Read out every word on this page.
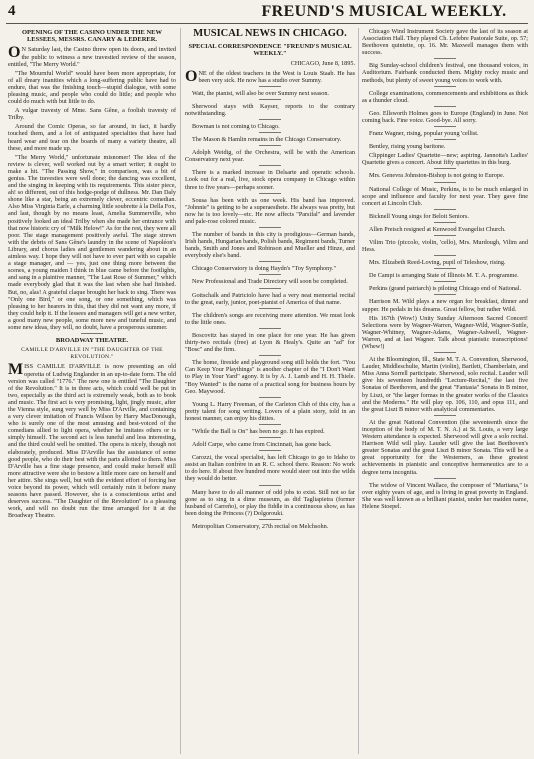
4	FREUND'S MUSICAL WEEKLY.
OPENING OF THE CASINO UNDER THE NEW LESSEES, MESSRS. CANARY & LEDERER.

ON Saturday last, the Casino threw open its doors, and invited the public to witness a new travestied review of the season, entitled, "The Merry World."

"The Mournful World" would have been more appropriate, for of all dreary inanities which a long-suffering public have had to endure, that was the finishing touch—stupid dialogue, with some pleasing music, and people who could do little; and people who could do much with but little to do.

A vulgar travesty of Mme. Sans Gêne, a foolish travesty of Trilby.

Around the Comic Operas, so far around, in fact, it hardly touched them, and a lot of antiquated specialties that have had heard wear and tear on the boards of many a variety theatre, all these, and more made up.

"The Merry World," unfortunate misnomer! The idea of the review is clever, well worked out by a smart writer; it ought to make a hit. "The Passing Show," in comparison, was a bit of genius. The travesties were well done; the dancing was excellent, and the singing in keeping with its requirements. This sister piece, ah! so different, out of this hodge-podge of dullness. Mr. Dan Daly shone like a star, being an extremely clever, eccentric comedian. Also Miss Virginia Earle, a charming little soubrette à la Della Fox, and last, though by no means least, Amelia Summerville, who positively looked an ideal Trilby when she made her entrance with that now historic cry of "Milk Helow!" As for the rest, they were all poor. The stage management positively awful. The stage strewn with the debris of Sans Gêne's laundry in the scene of Napoléon's Library, and chorus ladies and gentlemen wandering about in an aimless way. I hope they will not have to ever part with so capable a stage manager, and — yes, just one thing more between the scenes, a young maiden I think in blue came before the footlights, and sang in a plaintive manner, "The Last Rose of Summer," which made everybody glad that it was the last when she had finished. But, no, alas! A grateful claque brought her back to sing. There was "Only one Bird," or one song, or one something, which was pleasing to her hearers in this, that they did not want any more, if they could help it. If the lessees and managers will get a new writer, a good many new people, some more new and tuneful music, and some new ideas, they will, no doubt, have a prosperous summer.

BROADWAY THEATRE.
CAMILLE D'ARVILLE IN "THE DAUGHTER OF THE REVOLUTION."

MISS CAMILLE D'ARVILLE is now presenting an old operetta of Ludwig Englander in an up-to-date form. The old version was called "1776." The new one is entitled "The Daughter of the Revolution." It is in three acts, which could well be put in two, especially as the third act is extremely weak, both as to book and music. The first act is very promising, light, jingly music, after the Vienna style, sung very well by Miss D'Arville, and containing a very clever imitation of Francis Wilson by Harry MacDonough, who is surely one of the most amusing and best-voiced of the comedians allied to light opera, whether he imitates others or is simply himself. The second act is less tuneful and less interesting, and the third could well be omitted. The opera is nicely, though not elaborately, produced. Miss D'Arville has the assistance of some good people, who do their best with the parts allotted to them. Miss D'Arville has a fine stage presence, and could make herself still more attractive were she to bestow a little more care on herself and her attire. She sings well, but with the evident effort of forcing her voice beyond its power, which will certainly ruin it before many seasons have passed. However, she is a conscientious artist and deserves success. "The Daughter of the Revolution" is a pleasing work, and will no doubt run the time arranged for it at the Broadway Theatre.

MUSICAL NEWS IN CHICAGO.
SPECIAL CORRESPONDENCE "FREUND'S MUSICAL WEEKLY."

CHICAGO, June 8, 1895.

ONE of the oldest teachers in the West is Louis Staab. He has been very sick. He now has a studio over Summy.

Watt, the pianist, will also be over Summy next season.

Sherwood stays with Kayser, reports to the contrary notwithstanding.

Bowman is not coming to Chicago.

The Mason & Hamlin remains in the Chicago Conservatory.

Adolph Weidig, of the Orchestra, will be with the American Conservatory next year.

There is a marked increase in Delsarte and operatic schools. Look out for a real, live, stock opera company in Chicago within three to five years—perhaps sooner.

Sousa has been with us one week. His band has improved. "Johnnie" is getting to be a superaesthete. He always was pretty, but now he is too lovely—etc. He now affects "Parsifal" and lavender and pale-rose colored music.

The number of bands in this city is prodigious—German bands, Irish hands, Hungarian bands, Polish bands, Regiment bands, Turner bands, Smith and Jones and Robinson and Mueller and Hinze, and everybody else's band.

Chicago Conservatory is doing Haydn's "Toy Symphony."

New Professional and Trade Directory will soon be completed.

Gottschalk and Patriciolo have had a very neat memorial recital to the great, early, junior, poet-pianist of America of that name.

The children's songs are receiving more attention. We must look to the little ones.

Boscovitz has stayed in one place for one year. He has given thirty-two recitals (free) at Lyon & Healy's. Quite an "ad" for "Bosc" and the firm.

The home, fireside and playground song still holds the fort. "You Can Keep Your Playthings" is another chapter of the "I Don't Want to Play in Your Yard" agony. It is by A. J. Lamb and H. H. Thiele. "Boy Wanted" is the name of a practical song for business hours by Geo. Maywood.

Young L. Harry Freeman, of the Carleton Club of this city, has a pretty talent for song writing. Lovers of a plain story, told in an honest manner, can enjoy his ditties.

"While the Ball is On" has been no go. It has expired.

Adolf Carpe, who came from Cincinnati, has gone back.

Carozzi, the vocal specialist, has left Chicago to go to Idaho to assist an Italian confrère in an R. C. school there. Reason: No work to do here. If about five hundred more would steer out into the wilds they would do better.

Many have to do all manner of odd jobs to exist. Still not so far gone as to sing in a dime museum, as did Tagliapietra (former husband of Carreño), or play the fiddle in a continuous show, as has been doing the Princess (?) Dolgorouki.

Metropolitan Conservatory, 27th recital on Melchsohn.

Chicago Wind Instrument Society gave the last of its season at Association Hall. They played Ch. Lefebre Pastorale Suite, op. 57; Beethoven quintette, op. 16. Mr. Maxwell manages them with success.

Big Sunday-school children's festival, one thousand voices, in Auditorium. Fairbank conducted them. Mighty rocky music and methods, but plenty of sweet young voices to work with.

College examinations, commencements and exhibitions as thick as a thunder cloud.

Geo. Ellsworth Holmes goes to Europe (England) in June. Not coming back. Fine voice. Good-bye. All sorry.

Franz Wagner, rising, popular young 'cellist.

Bentley, rising young baritone.

Clippinger Ladies' Quartette—new; aspiring. Jannotta's Ladies' Quartette gives a concert. About fifty quartettes in this burg.

Mrs. Genevra Johnston-Bishop is not going to Europe.

National College of Music, Perkins, is to be much enlarged in scope and influence and faculty for next year. They gave fine concert at Lincoln Club.

Bicknell Young sings for Beloit Seniors.

Allen Preisch resigned at Kenwood Evangelist Church.

Vilim Trio (piccolo, violin, 'cello), Mrs. Murdough, Vilim and Hess.

Mrs. Elizabeth Reed-Loving, pupil of Teleshow, rising.

De Campi is arranging State of Illinois M. T. A. programme.

Perkins (grand patriarch) is piloting Chicago end of National.

Harrison M. Wild plays a new organ for breakfast, dinner and supper. He pedals in his dreams. Great fellow, but rather Wild.

His 167th (Wow!) Unity Sunday Afternoon Sacred Concert! Selections were by Wagner-Warren, Wagner-Wild, Wagner-Suttle, Wagner-Whitney, Wagner-Adams, Wagner-Ashwell, Wagner-Warren, and at last Wagner. Talk about pianistic transcriptions! (Whew!)

At the Bloomington, Ill., State M. T. A. Convention, Sherwood, Lauder, Middleschulte, Martin (violin), Bartlett, Chamberlain, and Miss Anna Sorrell participate. Sherwood, solo recital. Lauder will give his seventeen hundredth "Lecture-Recital," the last five Sonatas of Beethoven, and the great "Fantasia" Sonata in B minor, by Liszt, or "the larger formas in the greater works of the Classics and the Moderns." He will play op. 106, 110, and opus 111, and the great Liszt B minor with analytical commentaries.

At the great National Convention (the seventeenth since the inception of the body of M. T. N. A.) at St. Louis, a very large Western attendance is expected. Sherwood will give a solo recital. Harrison Wild will play. Lauder will give the last Beethoven's greater Sonatas and the great Liszt B minor Sonata. This will be a great opportunity for the Westerners, as these greatest achievements in pianistic and conceptive hermeneutics are to a degree terra incognita.

The widow of Vincent Wallace, the composer of "Maritana," is over eighty years of age, and is living in great poverty in England. She was well known as a brilliant pianist, under her maiden name, Helene Stoepel.
